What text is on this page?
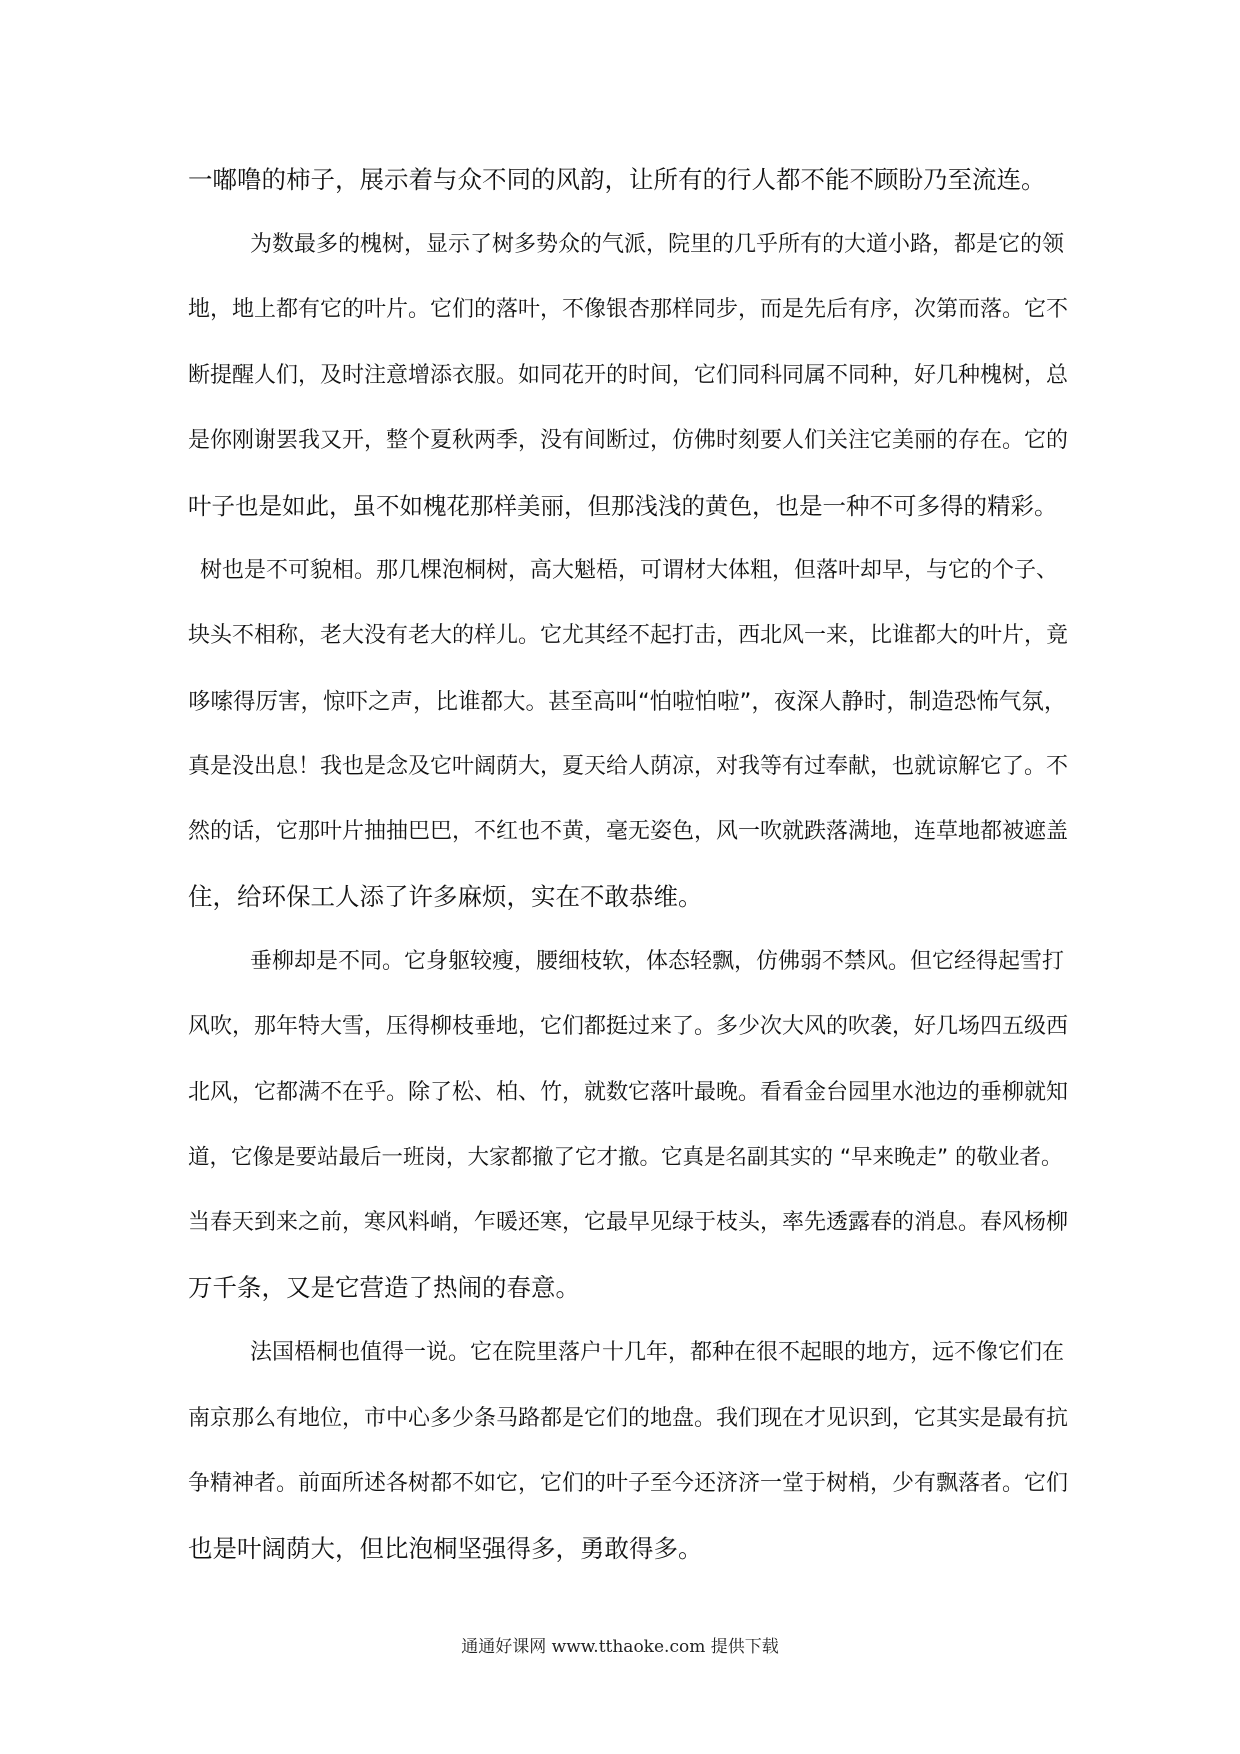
一嘟噜的柿子，展示着与众不同的风韵，让所有的行人都不能不顾盼乃至流连。
为数最多的槐树，显示了树多势众的气派，院里的几乎所有的大道小路，都是它的领
地，地上都有它的叶片。它们的落叶，不像银杏那样同步，而是先后有序，次第而落。它不
断提醒人们，及时注意增添衣服。如同花开的时间，它们同科同属不同种，好几种槐树，总
是你刚谢罢我又开，整个夏秋两季，没有间断过，仿佛时刻要人们关注它美丽的存在。它的
叶子也是如此，虽不如槐花那样美丽，但那浅浅的黄色，也是一种不可多得的精彩。
树也是不可貌相。那几棵泡桐树，高大魁梧，可谓材大体粗，但落叶却早，与它的个子、
块头不相称，老大没有老大的样儿。它尤其经不起打击，西北风一来，比谁都大的叶片，竟
哆嗦得厉害，惊吓之声，比谁都大。甚至高叫“怕啦怕啦”，夜深人静时，制造恐怖气氛，
真是没出息！我也是念及它叶阔荫大，夏天给人荫凉，对我等有过奉献，也就谅解它了。不
然的话，它那叶片抽抽巴巴，不红也不黄，毫无姿色，风一吹就跌落满地，连草地都被遮盖
住，给环保工人添了许多麻烦，实在不敢恭维。
垂柳却是不同。它身躯较瘦，腰细枝软，体态轻飘，仿佛弱不禁风。但它经得起雪打
风吹，那年特大雪，压得柳枝垂地，它们都挺过来了。多少次大风的吹袭，好几场四五级西
北风，它都满不在乎。除了松、柏、竹，就数它落叶最晚。看看金台园里水池边的垂柳就知
道，它像是要站最后一班岗，大家都撤了它才撤。它真是名副其实的 “早来晚走” 的敬业者。
当春天到来之前，寒风料峭，乍暖还寒，它最早见绿于枝头，率先透露春的消息。春风杨柳
万千条，又是它营造了热闹的春意。
法国梧桐也值得一说。它在院里落户十几年，都种在很不起眼的地方，远不像它们在
南京那么有地位，市中心多少条马路都是它们的地盘。我们现在才见识到，它其实是最有抗
争精神者。前面所述各树都不如它，它们的叶子至今还济济一堂于树梢，少有飘落者。它们
也是叶阔荫大，但比泡桐坚强得多，勇敢得多。
通通好课网 www.tthaoke.com 提供下载
